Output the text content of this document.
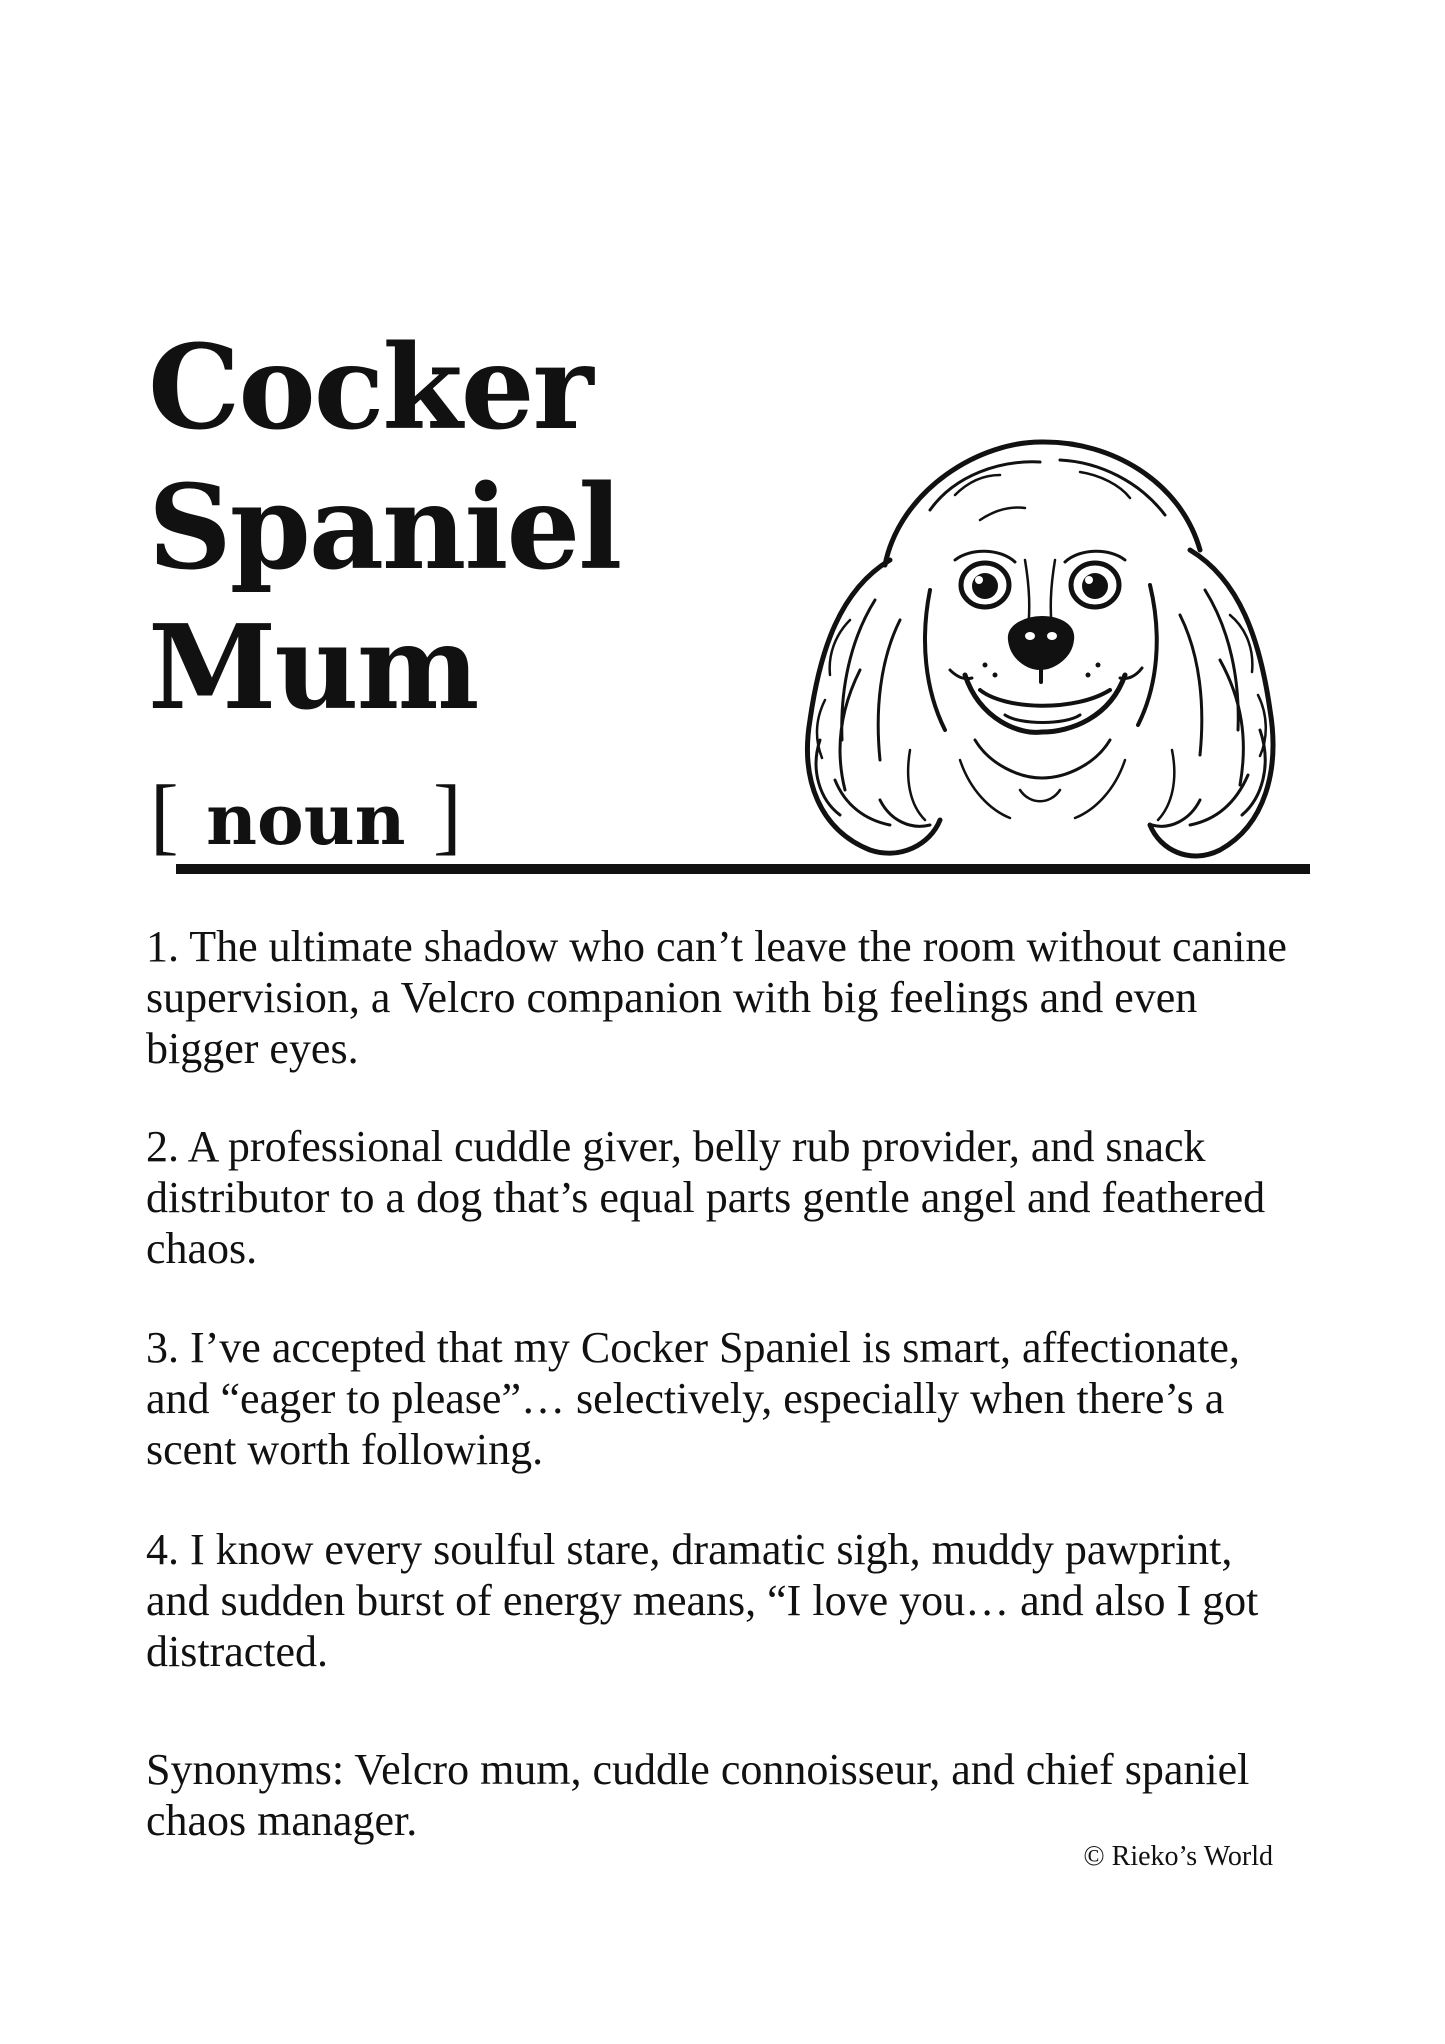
Cocker
Spaniel
Mum
[ noun ]

1. The ultimate shadow who can’t leave the room without canine supervision, a Velcro companion with big feelings and even bigger eyes.

2. A professional cuddle giver, belly rub provider, and snack distributor to a dog that’s equal parts gentle angel and feathered chaos.

3. I’ve accepted that my Cocker Spaniel is smart, affectionate, and “eager to please”… selectively, especially when there’s a scent worth following.

4. I know every soulful stare, dramatic sigh, muddy pawprint, and sudden burst of energy means, “I love you… and also I got distracted.

Synonyms: Velcro mum, cuddle connoisseur, and chief spaniel chaos manager.

© Rieko’s World
